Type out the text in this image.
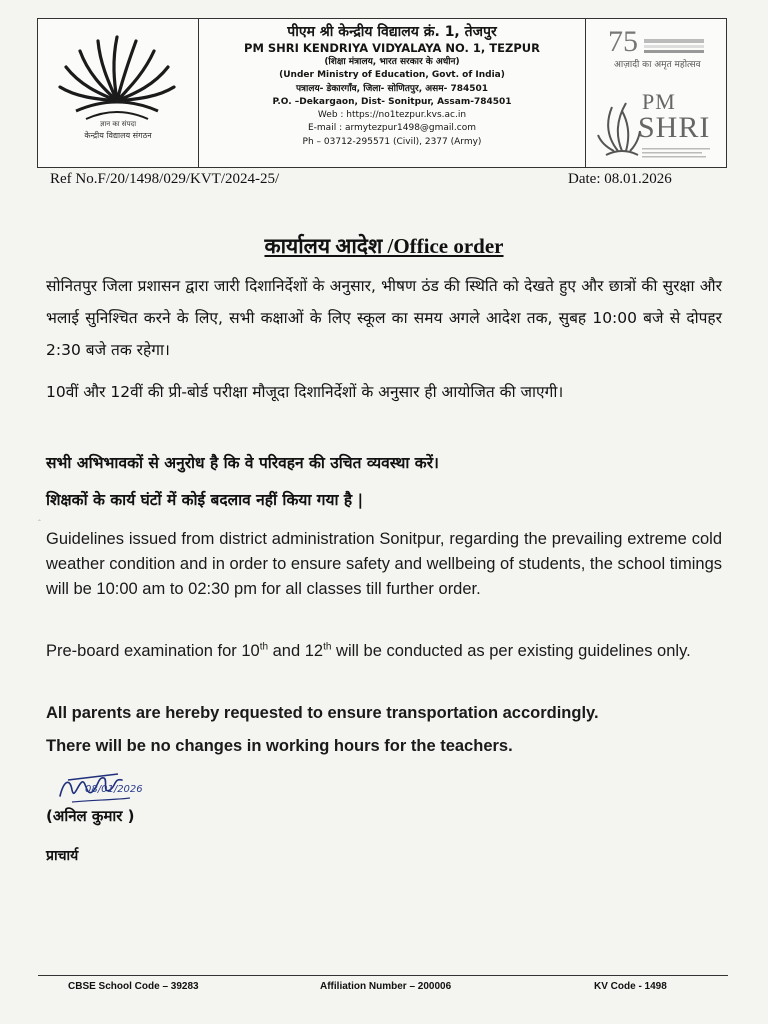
ज्ञान का संपदा
केन्द्रीय विद्यालय संगठन
पीएम श्री केन्द्रीय विद्यालय क्रं. 1, तेजपुर
PM SHRI KENDRIYA VIDYALAYA NO. 1, TEZPUR
(शिक्षा मंत्रालय, भारत सरकार के अधीन)
(Under Ministry of Education, Govt. of India)
पत्रालय- डेकारगाँव, जिला- सोणितपुर, असम- 784501
P.O. –Dekargaon, Dist- Sonitpur, Assam-784501
Web : https://no1tezpur.kvs.ac.in
E-mail : armytezpur1498@gmail.com
Ph – 03712-295571 (Civil), 2377 (Army)
75
आज़ादी का अमृत महोत्सव
PM
SHRI
Ref No.F/20/1498/029/KVT/2024-25/	Date: 08.01.2026
कार्यालय आदेश /Office order
सोनितपुर जिला प्रशासन द्वारा जारी दिशानिर्देशों के अनुसार, भीषण ठंड की स्थिति को देखते हुए और छात्रों की सुरक्षा और भलाई सुनिश्चित करने के लिए, सभी कक्षाओं के लिए स्कूल का समय अगले आदेश तक, सुबह 10:00 बजे से दोपहर 2:30 बजे तक रहेगा।
10वीं और 12वीं की प्री-बोर्ड परीक्षा मौजूदा दिशानिर्देशों के अनुसार ही आयोजित की जाएगी।
सभी अभिभावकों से अनुरोध है कि वे परिवहन की उचित व्यवस्था करें।
शिक्षकों के कार्य घंटों में कोई बदलाव नहीं किया गया है |
‸
Guidelines issued from district administration Sonitpur, regarding the prevailing extreme cold weather condition and in order to ensure safety and wellbeing of students, the school timings will be 10:00 am to 02:30 pm for all classes till further order.
Pre-board examination for 10th and 12th will be conducted as per existing guidelines only.
All parents are hereby requested to ensure transportation accordingly.
There will be no changes in working hours for the teachers.
08/01/2026
(अनिल कुमार )
प्राचार्य
CBSE School Code – 39283	Affiliation Number – 200006	KV Code - 1498
